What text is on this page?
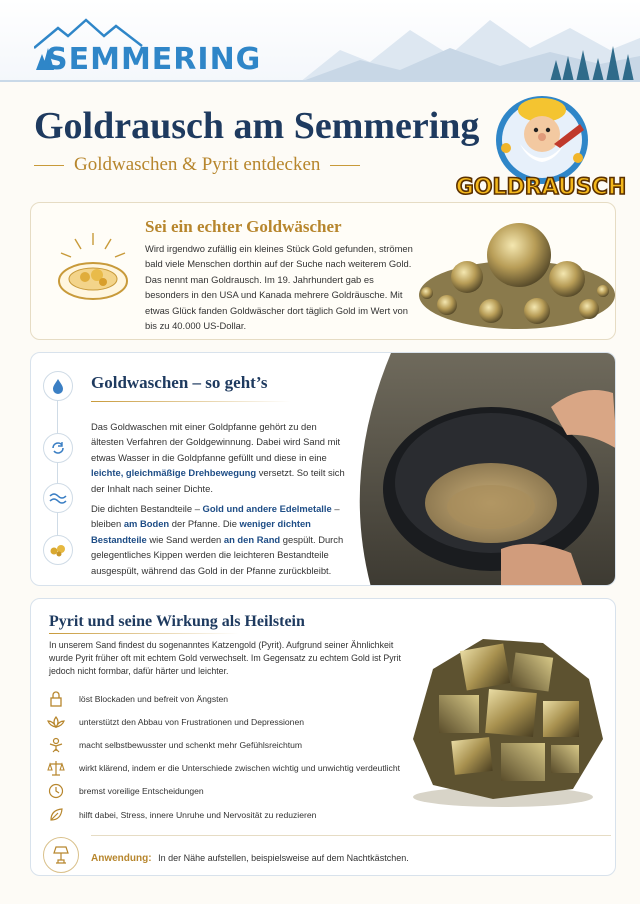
SEMMERING
Goldrausch am Semmering
Goldwaschen & Pyrit entdecken
GOLDRAUSCH
Sei ein echter Goldwäscher
Wird irgendwo zufällig ein kleines Stück Gold gefunden, strömen bald viele Menschen dorthin auf der Suche nach weiterem Gold. Das nennt man Goldrausch. Im 19. Jahrhundert gab es besonders in den USA und Kanada mehrere Goldräusche. Mit etwas Glück fanden Goldwäscher dort täglich Gold im Wert von bis zu 40.000 US-Dollar.
Goldwaschen – so geht’s
Das Goldwaschen mit einer Goldpfanne gehört zu den ältesten Verfahren der Goldgewinnung. Dabei wird Sand mit etwas Wasser in die Goldpfanne gefüllt und diese in eine leichte, gleichmäßige Drehbewegung versetzt. So teilt sich der Inhalt nach seiner Dichte.
Die dichten Bestandteile – Gold und andere Edelmetalle – bleiben am Boden der Pfanne. Die weniger dichten Bestandteile wie Sand werden an den Rand gespült. Durch gelegentliches Kippen werden die leichteren Bestandteile ausgespült, während das Gold in der Pfanne zurückbleibt.
Pyrit und seine Wirkung als Heilstein
In unserem Sand findest du sogenanntes Katzengold (Pyrit). Aufgrund seiner Ähnlichkeit wurde Pyrit früher oft mit echtem Gold verwechselt. Im Gegensatz zu echtem Gold ist Pyrit jedoch nicht formbar, dafür härter und leichter.
löst Blockaden und befreit von Ängsten
unterstützt den Abbau von Frustrationen und Depressionen
macht selbstbewusster und schenkt mehr Gefühlsreichtum
wirkt klärend, indem er die Unterschiede zwischen wichtig und unwichtig verdeutlicht
bremst voreilige Entscheidungen
hilft dabei, Stress, innere Unruhe und Nervosität zu reduzieren
Anwendung: In der Nähe aufstellen, beispielsweise auf dem Nachtkästchen.
